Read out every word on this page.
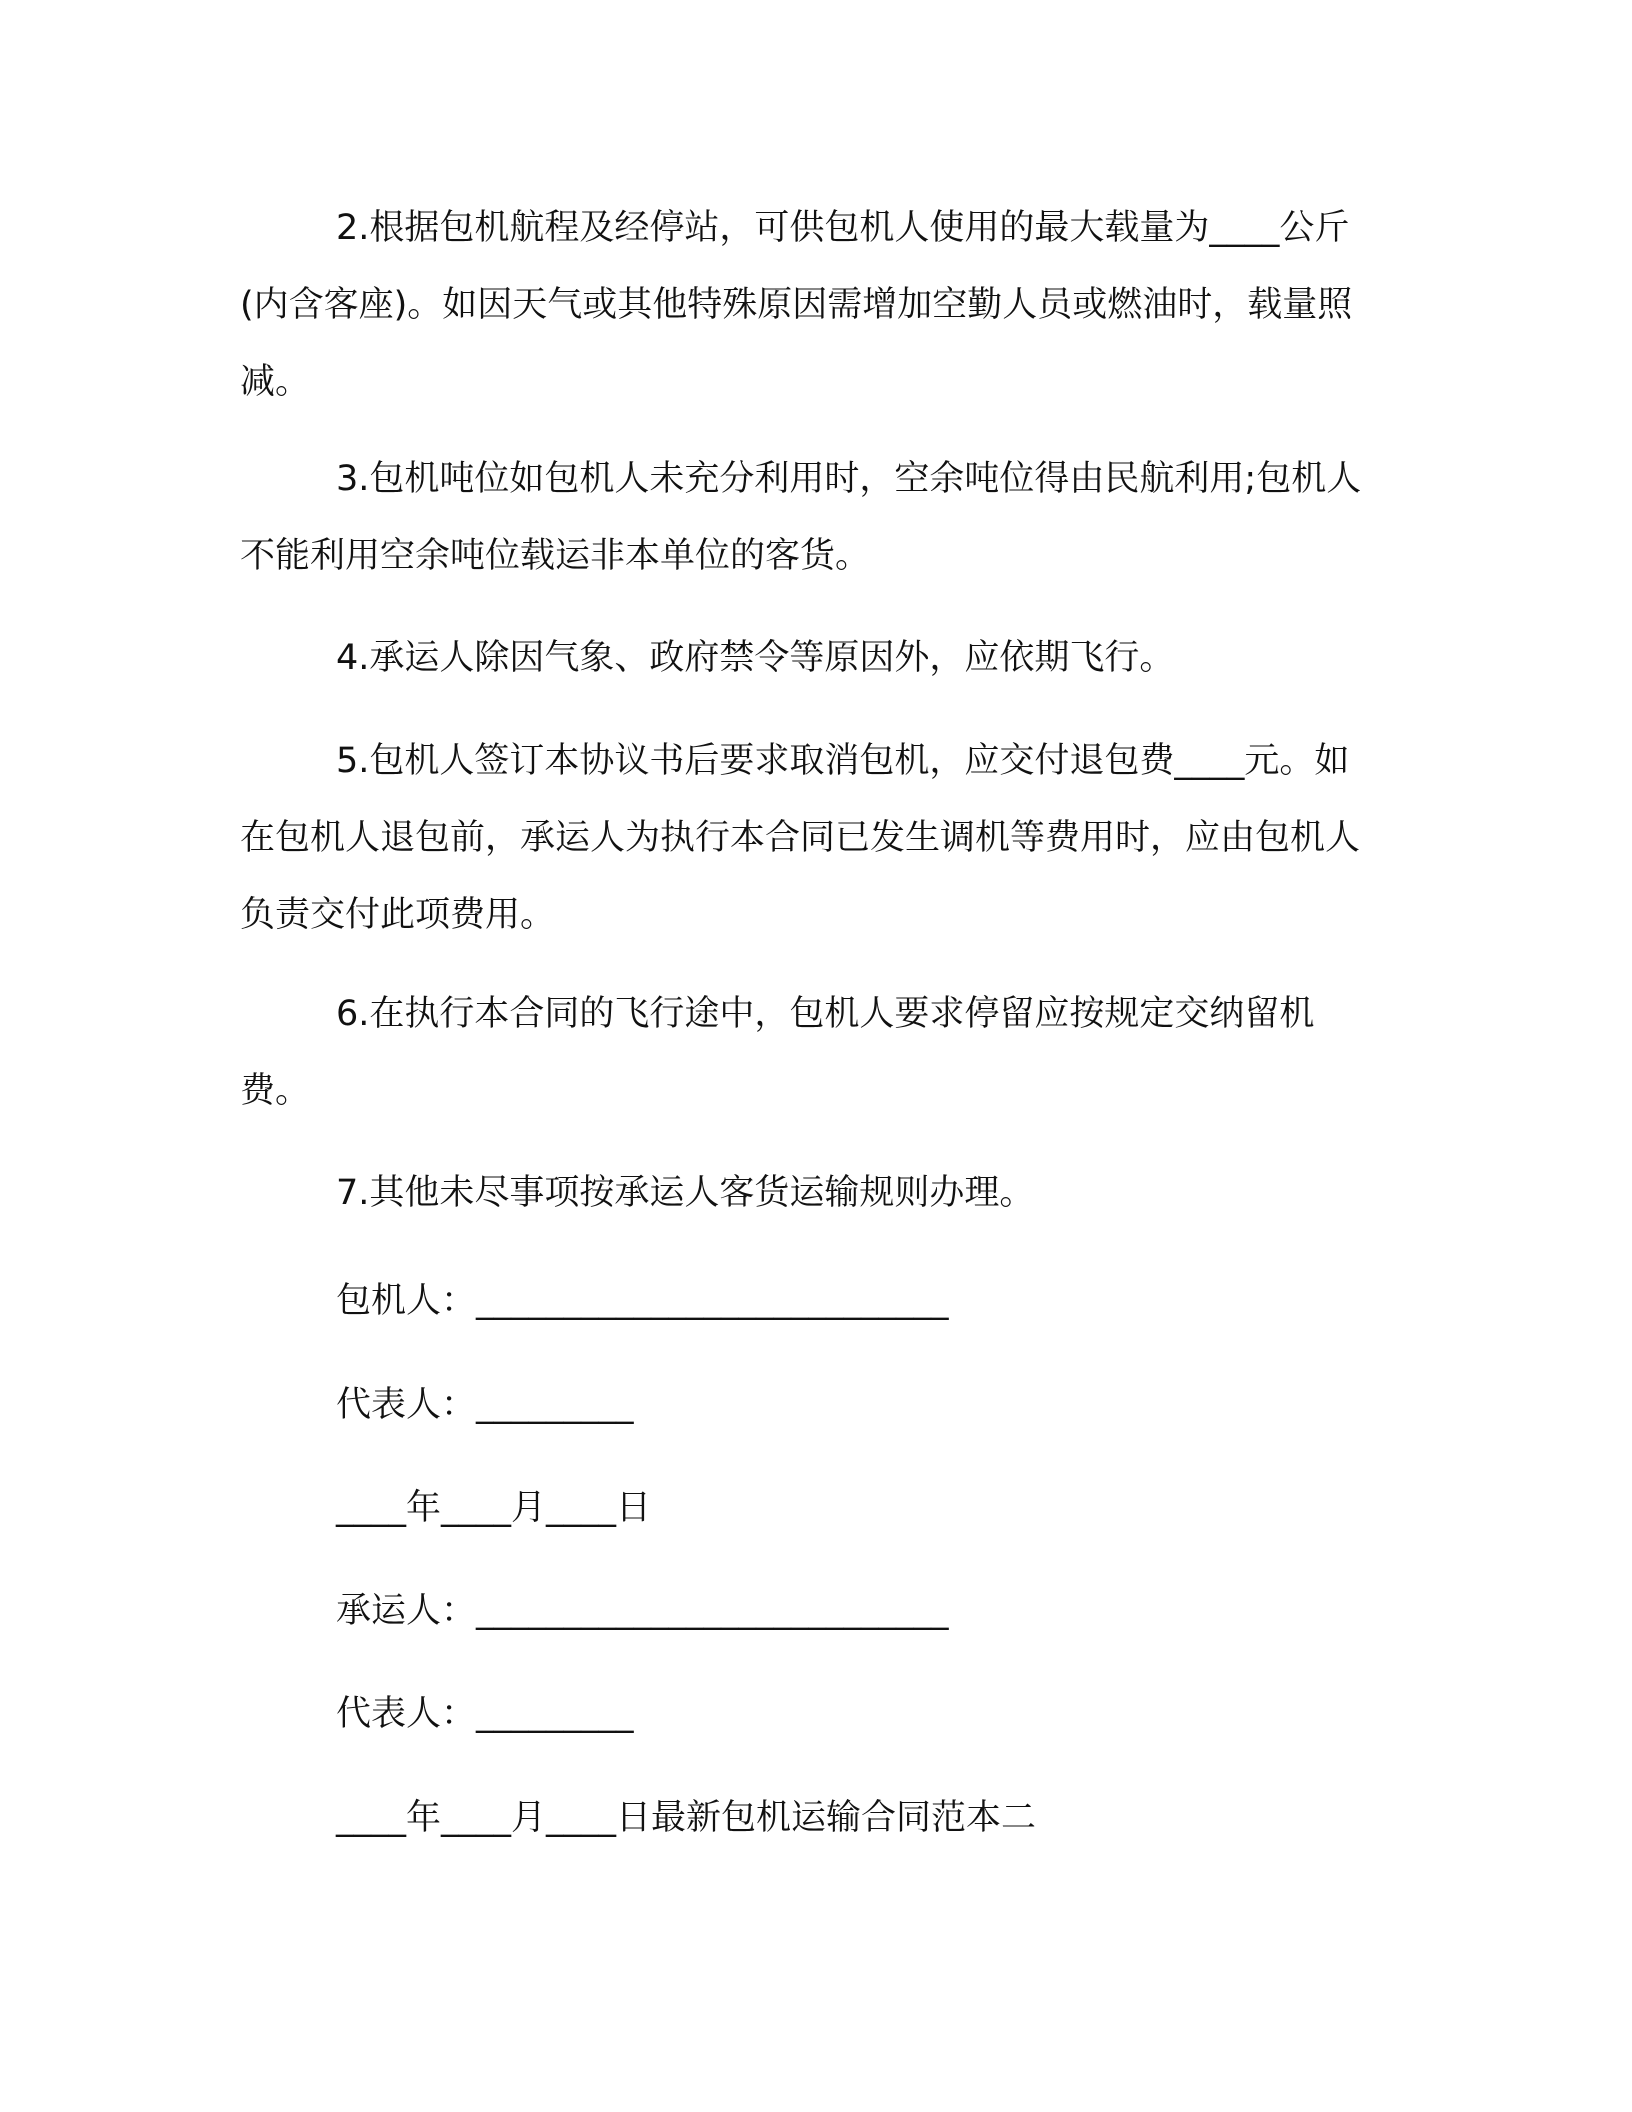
2.根据包机航程及经停站，可供包机人使用的最大载量为____公斤(内含客座)。如因天气或其他特殊原因需增加空勤人员或燃油时，载量照减。

3.包机吨位如包机人未充分利用时，空余吨位得由民航利用;包机人不能利用空余吨位载运非本单位的客货。

4.承运人除因气象、政府禁令等原因外，应依期飞行。

5.包机人签订本协议书后要求取消包机，应交付退包费____元。如在包机人退包前，承运人为执行本合同已发生调机等费用时，应由包机人负责交付此项费用。

6.在执行本合同的飞行途中，包机人要求停留应按规定交纳留机费。

7.其他未尽事项按承运人客货运输规则办理。

包机人：___________________________
代表人：_________
____年____月____日
承运人：___________________________
代表人：_________
____年____月____日最新包机运输合同范本二
